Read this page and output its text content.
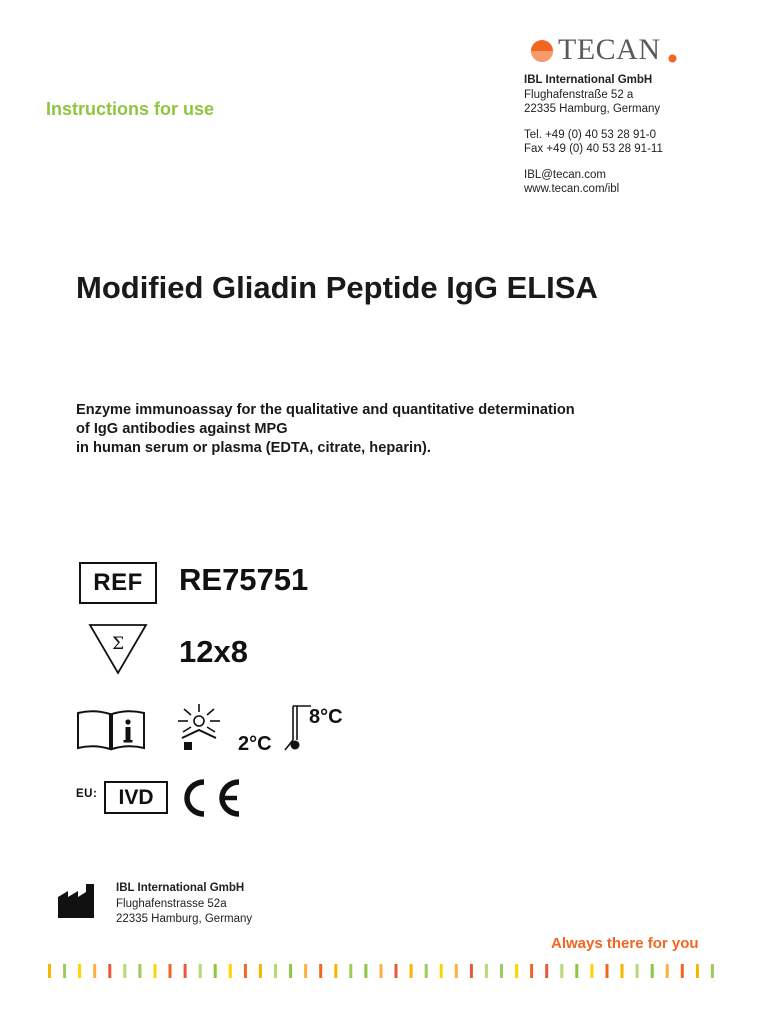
TECAN
Instructions for use
IBL International GmbH
Flughafenstraße 52 a
22335 Hamburg, Germany
Tel. +49 (0) 40 53 28 91-0
Fax +49 (0) 40 53 28 91-11
IBL@tecan.com
www.tecan.com/ibl
Modified Gliadin Peptide IgG ELISA
Enzyme immunoassay for the qualitative and quantitative determination
of IgG antibodies against MPG
in human serum or plasma (EDTA, citrate, heparin).
REF	RE75751
Σ 12x8
2°C
8°C
EU:	IVD
IBL International GmbH
Flughafenstrasse 52a
22335 Hamburg, Germany
Always there for you
